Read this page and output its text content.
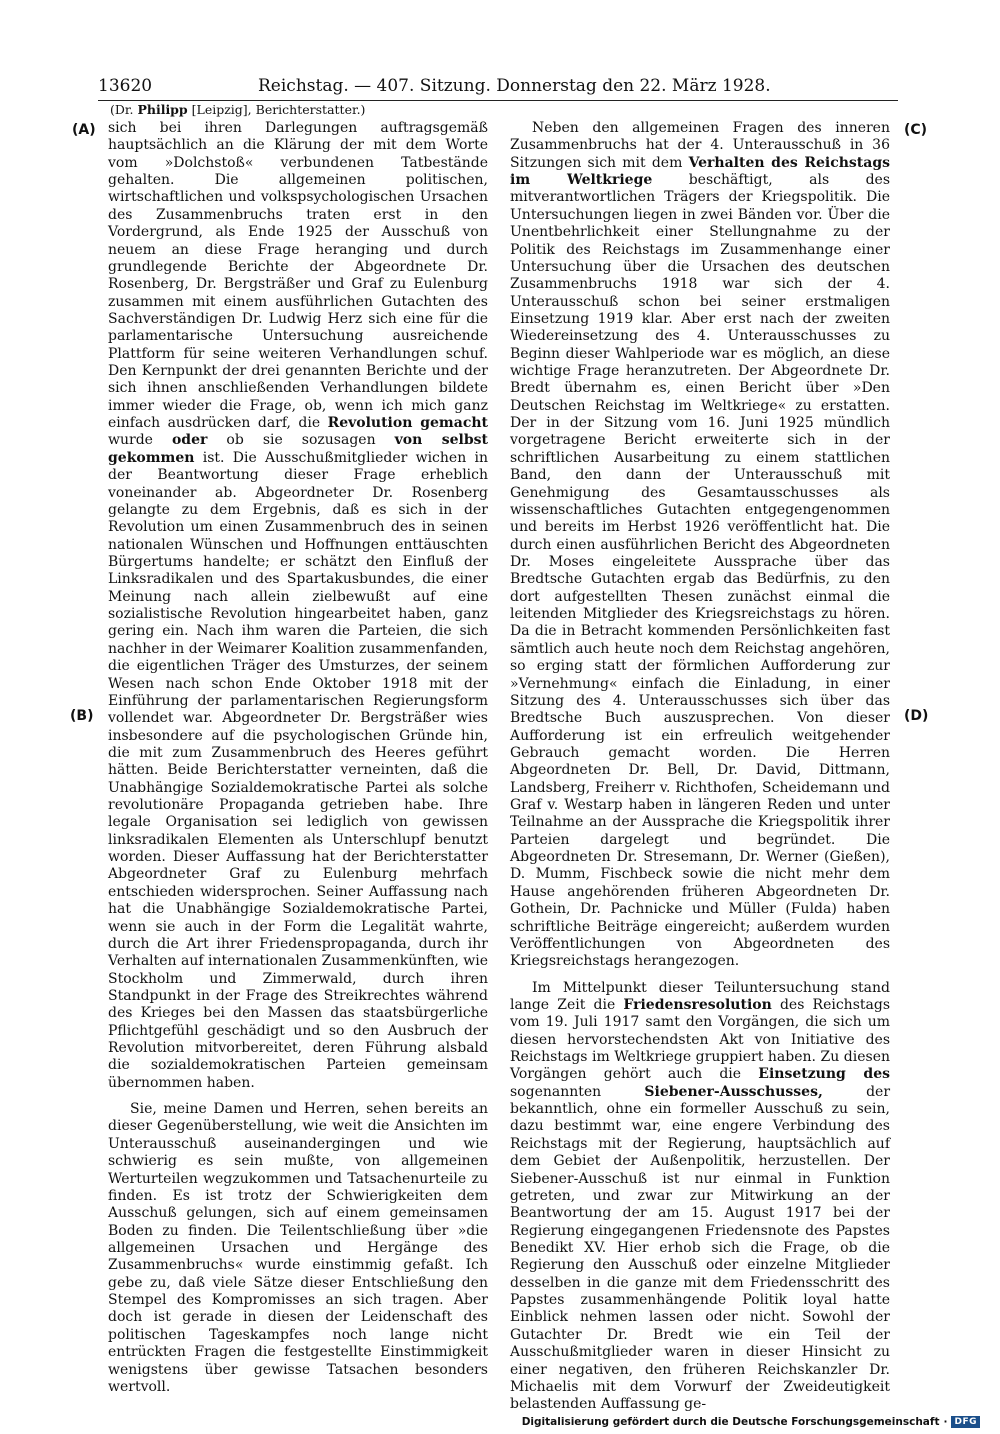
13620	Reichstag. — 407. Sitzung. Donnerstag den 22. März 1928.
(Dr. Philipp [Leipzig], Berichterstatter.)
(A)
(B)
(C)
(D)

sich bei ihren Darlegungen auftragsgemäß hauptsächlich an die Klärung der mit dem Worte vom »Dolchstoß« verbundenen Tatbestände gehalten. Die allgemeinen politischen, wirtschaftlichen und volkspsychologischen Ursachen des Zusammenbruchs traten erst in den Vordergrund, als Ende 1925 der Ausschuß von neuem an diese Frage heranging und durch grundlegende Berichte der Abgeordnete Dr. Rosenberg, Dr. Bergsträßer und Graf zu Eulenburg zusammen mit einem ausführlichen Gutachten des Sachverständigen Dr. Ludwig Herz sich eine für die parlamentarische Untersuchung ausreichende Plattform für seine weiteren Verhandlungen schuf. Den Kernpunkt der drei genannten Berichte und der sich ihnen anschließenden Verhandlungen bildete immer wieder die Frage, ob, wenn ich mich ganz einfach ausdrücken darf, die Revolution gemacht wurde oder ob sie sozusagen von selbst gekommen ist. Die Ausschußmitglieder wichen in der Beantwortung dieser Frage erheblich voneinander ab. Abgeordneter Dr. Rosenberg gelangte zu dem Ergebnis, daß es sich in der Revolution um einen Zusammenbruch des in seinen nationalen Wünschen und Hoffnungen enttäuschten Bürgertums handelte; er schätzt den Einfluß der Linksradikalen und des Spartakusbundes, die einer Meinung nach allein zielbewußt auf eine sozialistische Revolution hingearbeitet haben, ganz gering ein. Nach ihm waren die Parteien, die sich nachher in der Weimarer Koalition zusammenfanden, die eigentlichen Träger des Umsturzes, der seinem Wesen nach schon Ende Oktober 1918 mit der Einführung der parlamentarischen Regierungsform vollendet war. Abgeordneter Dr. Bergsträßer wies insbesondere auf die psychologischen Gründe hin, die mit zum Zusammenbruch des Heeres geführt hätten. Beide Berichterstatter verneinten, daß die Unabhängige Sozialdemokratische Partei als solche revolutionäre Propaganda getrieben habe. Ihre legale Organisation sei lediglich von gewissen linksradikalen Elementen als Unterschlupf benutzt worden. Dieser Auffassung hat der Berichterstatter Abgeordneter Graf zu Eulenburg mehrfach entschieden widersprochen. Seiner Auffassung nach hat die Unabhängige Sozialdemokratische Partei, wenn sie auch in der Form die Legalität wahrte, durch die Art ihrer Friedenspropaganda, durch ihr Verhalten auf internationalen Zusammenkünften, wie Stockholm und Zimmerwald, durch ihren Standpunkt in der Frage des Streikrechtes während des Krieges bei den Massen das staatsbürgerliche Pflichtgefühl geschädigt und so den Ausbruch der Revolution mitvorbereitet, deren Führung alsbald die sozialdemokratischen Parteien gemeinsam übernommen haben.

Sie, meine Damen und Herren, sehen bereits an dieser Gegenüberstellung, wie weit die Ansichten im Unterausschuß auseinandergingen und wie schwierig es sein mußte, von allgemeinen Werturteilen wegzukommen und Tatsachenurteile zu finden. Es ist trotz der Schwierigkeiten dem Ausschuß gelungen, sich auf einem gemeinsamen Boden zu finden. Die Teilentschließung über »die allgemeinen Ursachen und Hergänge des Zusammenbruchs« wurde einstimmig gefaßt. Ich gebe zu, daß viele Sätze dieser Entschließung den Stempel des Kompromisses an sich tragen. Aber doch ist gerade in diesen der Leidenschaft des politischen Tageskampfes noch lange nicht entrückten Fragen die festgestellte Einstimmigkeit wenigstens über gewisse Tatsachen besonders wertvoll.

Neben den allgemeinen Fragen des inneren Zusammenbruchs hat der 4. Unterausschuß in 36 Sitzungen sich mit dem Verhalten des Reichstags im Weltkriege beschäftigt, als des mitverantwortlichen Trägers der Kriegspolitik. Die Untersuchungen liegen in zwei Bänden vor. Über die Unentbehrlichkeit einer Stellungnahme zu der Politik des Reichstags im Zusammenhange einer Untersuchung über die Ursachen des deutschen Zusammenbruchs 1918 war sich der 4. Unterausschuß schon bei seiner erstmaligen Einsetzung 1919 klar. Aber erst nach der zweiten Wiedereinsetzung des 4. Unterausschusses zu Beginn dieser Wahlperiode war es möglich, an diese wichtige Frage heranzutreten. Der Abgeordnete Dr. Bredt übernahm es, einen Bericht über »Den Deutschen Reichstag im Weltkriege« zu erstatten. Der in der Sitzung vom 16. Juni 1925 mündlich vorgetragene Bericht erweiterte sich in der schriftlichen Ausarbeitung zu einem stattlichen Band, den dann der Unterausschuß mit Genehmigung des Gesamtausschusses als wissenschaftliches Gutachten entgegengenommen und bereits im Herbst 1926 veröffentlicht hat. Die durch einen ausführlichen Bericht des Abgeordneten Dr. Moses eingeleitete Aussprache über das Bredtsche Gutachten ergab das Bedürfnis, zu den dort aufgestellten Thesen zunächst einmal die leitenden Mitglieder des Kriegsreichstags zu hören. Da die in Betracht kommenden Persönlichkeiten fast sämtlich auch heute noch dem Reichstag angehören, so erging statt der förmlichen Aufforderung zur »Vernehmung« einfach die Einladung, in einer Sitzung des 4. Unterausschusses sich über das Bredtsche Buch auszusprechen. Von dieser Aufforderung ist ein erfreulich weitgehender Gebrauch gemacht worden. Die Herren Abgeordneten Dr. Bell, Dr. David, Dittmann, Landsberg, Freiherr v. Richthofen, Scheidemann und Graf v. Westarp haben in längeren Reden und unter Teilnahme an der Aussprache die Kriegspolitik ihrer Parteien dargelegt und begründet. Die Abgeordneten Dr. Stresemann, Dr. Werner (Gießen), D. Mumm, Fischbeck sowie die nicht mehr dem Hause angehörenden früheren Abgeordneten Dr. Gothein, Dr. Pachnicke und Müller (Fulda) haben schriftliche Beiträge eingereicht; außerdem wurden Veröffentlichungen von Abgeordneten des Kriegsreichstags herangezogen.

Im Mittelpunkt dieser Teiluntersuchung stand lange Zeit die Friedensresolution des Reichstags vom 19. Juli 1917 samt den Vorgängen, die sich um diesen hervorstechendsten Akt von Initiative des Reichstags im Weltkriege gruppiert haben. Zu diesen Vorgängen gehört auch die Einsetzung des sogenannten Siebener-Ausschusses, der bekanntlich, ohne ein formeller Ausschuß zu sein, dazu bestimmt war, eine engere Verbindung des Reichstags mit der Regierung, hauptsächlich auf dem Gebiet der Außenpolitik, herzustellen. Der Siebener-Ausschuß ist nur einmal in Funktion getreten, und zwar zur Mitwirkung an der Beantwortung der am 15. August 1917 bei der Regierung eingegangenen Friedensnote des Papstes Benedikt XV. Hier erhob sich die Frage, ob die Regierung den Ausschuß oder einzelne Mitglieder desselben in die ganze mit dem Friedensschritt des Papstes zusammenhängende Politik loyal hatte Einblick nehmen lassen oder nicht. Sowohl der Gutachter Dr. Bredt wie ein Teil der Ausschußmitglieder waren in dieser Hinsicht zu einer negativen, den früheren Reichskanzler Dr. Michaelis mit dem Vorwurf der Zweideutigkeit belastenden Auffassung ge-

Digitalisierung gefördert durch die Deutsche Forschungsgemeinschaft · DFG
